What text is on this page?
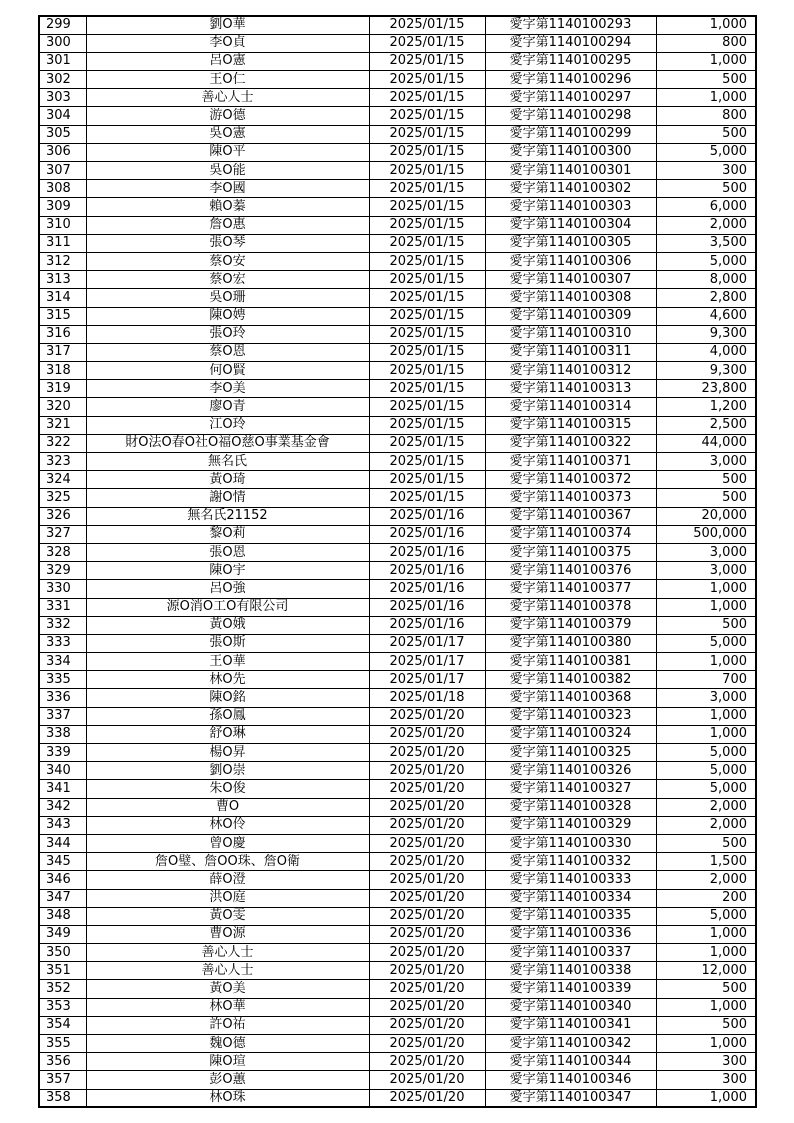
299	劉O華	2025/01/15	愛字第1140100293	1,000
300	李O貞	2025/01/15	愛字第1140100294	800
301	呂O憲	2025/01/15	愛字第1140100295	1,000
302	王O仁	2025/01/15	愛字第1140100296	500
303	善心人士	2025/01/15	愛字第1140100297	1,000
304	游O德	2025/01/15	愛字第1140100298	800
305	吳O憲	2025/01/15	愛字第1140100299	500
306	陳O平	2025/01/15	愛字第1140100300	5,000
307	吳O能	2025/01/15	愛字第1140100301	300
308	李O國	2025/01/15	愛字第1140100302	500
309	賴O蓁	2025/01/15	愛字第1140100303	6,000
310	詹O惠	2025/01/15	愛字第1140100304	2,000
311	張O琴	2025/01/15	愛字第1140100305	3,500
312	蔡O安	2025/01/15	愛字第1140100306	5,000
313	蔡O宏	2025/01/15	愛字第1140100307	8,000
314	吳O珊	2025/01/15	愛字第1140100308	2,800
315	陳O娉	2025/01/15	愛字第1140100309	4,600
316	張O玲	2025/01/15	愛字第1140100310	9,300
317	蔡O恩	2025/01/15	愛字第1140100311	4,000
318	何O賢	2025/01/15	愛字第1140100312	9,300
319	李O美	2025/01/15	愛字第1140100313	23,800
320	廖O青	2025/01/15	愛字第1140100314	1,200
321	江O玲	2025/01/15	愛字第1140100315	2,500
322	財O法O春O社O福O慈O事業基金會	2025/01/15	愛字第1140100322	44,000
323	無名氏	2025/01/15	愛字第1140100371	3,000
324	黃O琦	2025/01/15	愛字第1140100372	500
325	謝O情	2025/01/15	愛字第1140100373	500
326	無名氏21152	2025/01/16	愛字第1140100367	20,000
327	黎O莉	2025/01/16	愛字第1140100374	500,000
328	張O恩	2025/01/16	愛字第1140100375	3,000
329	陳O宇	2025/01/16	愛字第1140100376	3,000
330	呂O強	2025/01/16	愛字第1140100377	1,000
331	源O消O工O有限公司	2025/01/16	愛字第1140100378	1,000
332	黃O娥	2025/01/16	愛字第1140100379	500
333	張O斯	2025/01/17	愛字第1140100380	5,000
334	王O華	2025/01/17	愛字第1140100381	1,000
335	林O先	2025/01/17	愛字第1140100382	700
336	陳O銘	2025/01/18	愛字第1140100368	3,000
337	孫O鳳	2025/01/20	愛字第1140100323	1,000
338	舒O琳	2025/01/20	愛字第1140100324	1,000
339	楊O昇	2025/01/20	愛字第1140100325	5,000
340	劉O崇	2025/01/20	愛字第1140100326	5,000
341	朱O俊	2025/01/20	愛字第1140100327	5,000
342	曹O	2025/01/20	愛字第1140100328	2,000
343	林O伶	2025/01/20	愛字第1140100329	2,000
344	曾O慶	2025/01/20	愛字第1140100330	500
345	詹O璧、詹OO珠、詹O衛	2025/01/20	愛字第1140100332	1,500
346	薛O澄	2025/01/20	愛字第1140100333	2,000
347	洪O庭	2025/01/20	愛字第1140100334	200
348	黃O雯	2025/01/20	愛字第1140100335	5,000
349	曹O源	2025/01/20	愛字第1140100336	1,000
350	善心人士	2025/01/20	愛字第1140100337	1,000
351	善心人士	2025/01/20	愛字第1140100338	12,000
352	黃O美	2025/01/20	愛字第1140100339	500
353	林O華	2025/01/20	愛字第1140100340	1,000
354	許O祐	2025/01/20	愛字第1140100341	500
355	魏O德	2025/01/20	愛字第1140100342	1,000
356	陳O瑄	2025/01/20	愛字第1140100344	300
357	彭O蕙	2025/01/20	愛字第1140100346	300
358	林O珠	2025/01/20	愛字第1140100347	1,000
